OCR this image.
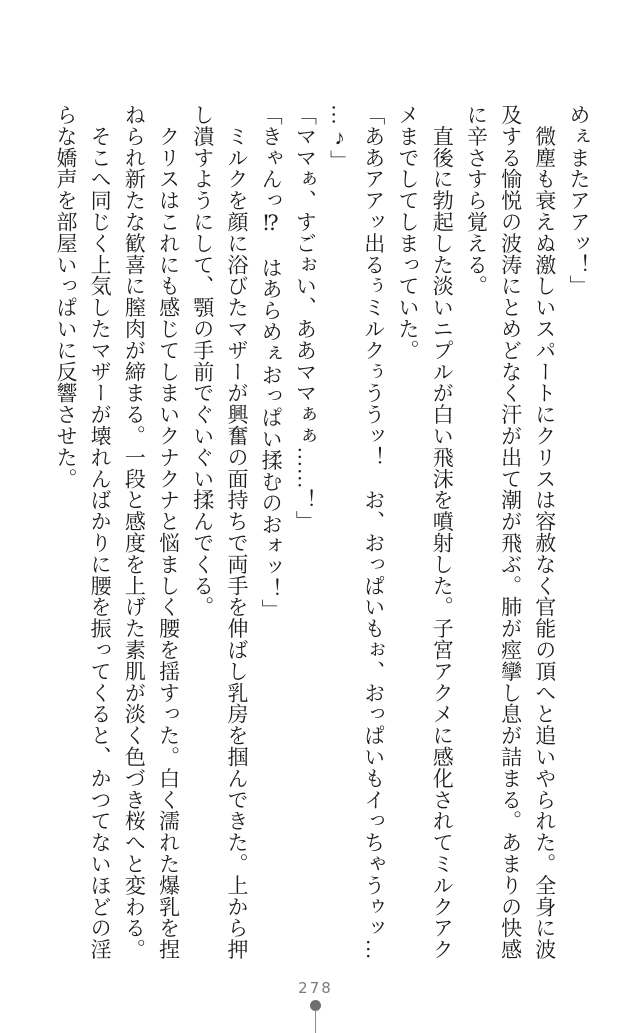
めぇまたアアッ！」
　微塵も衰えぬ激しいスパートにクリスは容赦なく官能の頂へと追いやられた。全身に波
及する愉悦の波涛にとめどなく汗が出て潮が飛ぶ。肺が痙攣し息が詰まる。あまりの快感
に辛さすら覚える。
　直後に勃起した淡いニプルが白い飛沫を噴射した。子宮アクメに感化されてミルクアク
メまでしてしまっていた。
「ああアアッ出るぅミルクぅううッ！　お、おっぱいもぉ、おっぱいもイっちゃうゥッ…
…♪」
「ママぁ、すごぉい、ああママぁぁ……！」
「きゃんっ⁉　はあらめぇおっぱい揉むのおォッ！」
　ミルクを顔に浴びたマザーが興奮の面持ちで両手を伸ばし乳房を掴んできた。上から押
し潰すようにして、顎の手前でぐいぐい揉んでくる。
　クリスはこれにも感じてしまいクナクナと悩ましく腰を揺すった。白く濡れた爆乳を捏
ねられ新たな歓喜に膣肉が締まる。一段と感度を上げた素肌が淡く色づき桜へと変わる。
　そこへ同じく上気したマザーが壊れんばかりに腰を振ってくると、かつてないほどの淫
らな嬌声を部屋いっぱいに反響させた。
278
